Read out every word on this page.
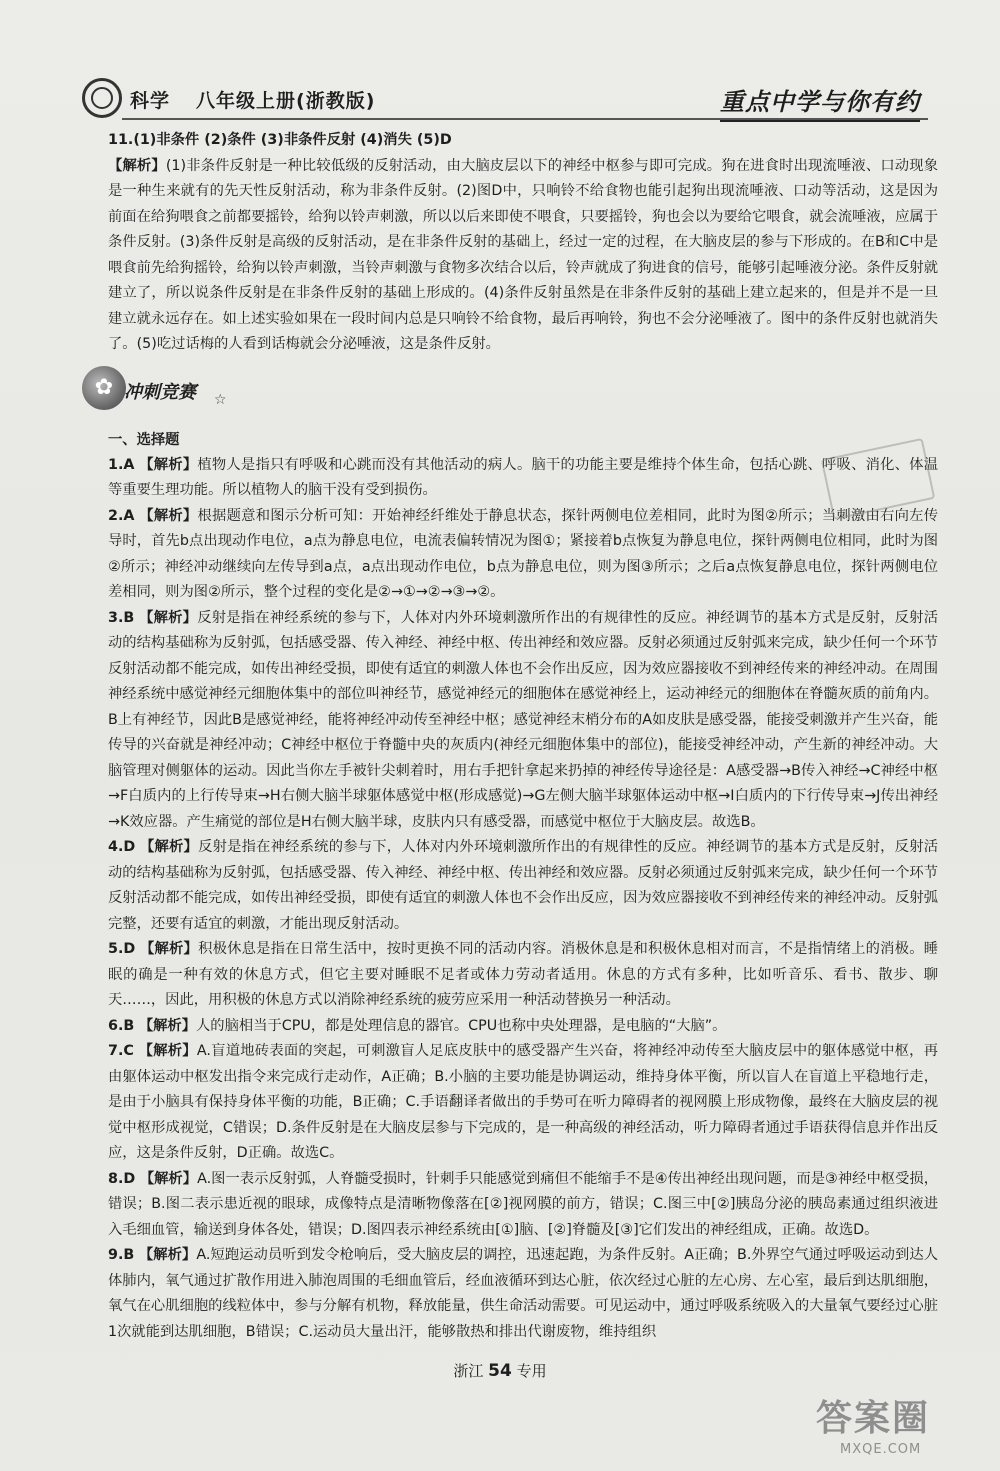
科学 八年级上册(浙教版)	重点中学与你有约

11.(1)非条件 (2)条件 (3)非条件反射 (4)消失 (5)D

【解析】(1)非条件反射是一种比较低级的反射活动，由大脑皮层以下的神经中枢参与即可完成。狗在进食时出现流唾液、口动现象是一种生来就有的先天性反射活动，称为非条件反射。(2)图D中，只响铃不给食物也能引起狗出现流唾液、口动等活动，这是因为前面在给狗喂食之前都要摇铃，给狗以铃声刺激，所以以后来即使不喂食，只要摇铃，狗也会以为要给它喂食，就会流唾液，应属于条件反射。(3)条件反射是高级的反射活动，是在非条件反射的基础上，经过一定的过程，在大脑皮层的参与下形成的。在B和C中是喂食前先给狗摇铃，给狗以铃声刺激，当铃声刺激与食物多次结合以后，铃声就成了狗进食的信号，能够引起唾液分泌。条件反射就建立了，所以说条件反射是在非条件反射的基础上形成的。(4)条件反射虽然是在非条件反射的基础上建立起来的，但是并不是一旦建立就永远存在。如上述实验如果在一段时间内总是只响铃不给食物，最后再响铃，狗也不会分泌唾液了。图中的条件反射也就消失了。(5)吃过话梅的人看到话梅就会分泌唾液，这是条件反射。

✿ 冲刺竞赛 ☆

一、选择题

1.A 【解析】植物人是指只有呼吸和心跳而没有其他活动的病人。脑干的功能主要是维持个体生命，包括心跳、呼吸、消化、体温等重要生理功能。所以植物人的脑干没有受到损伤。

2.A 【解析】根据题意和图示分析可知：开始神经纤维处于静息状态，探针两侧电位差相同，此时为图②所示；当刺激由右向左传导时，首先b点出现动作电位，a点为静息电位，电流表偏转情况为图①；紧接着b点恢复为静息电位，探针两侧电位相同，此时为图②所示；神经冲动继续向左传导到a点，a点出现动作电位，b点为静息电位，则为图③所示；之后a点恢复静息电位，探针两侧电位差相同，则为图②所示，整个过程的变化是②→①→②→③→②。

3.B 【解析】反射是指在神经系统的参与下，人体对内外环境刺激所作出的有规律性的反应。神经调节的基本方式是反射，反射活动的结构基础称为反射弧，包括感受器、传入神经、神经中枢、传出神经和效应器。反射必须通过反射弧来完成，缺少任何一个环节反射活动都不能完成，如传出神经受损，即使有适宜的刺激人体也不会作出反应，因为效应器接收不到神经传来的神经冲动。在周围神经系统中感觉神经元细胞体集中的部位叫神经节，感觉神经元的细胞体在感觉神经上，运动神经元的细胞体在脊髓灰质的前角内。B上有神经节，因此B是感觉神经，能将神经冲动传至神经中枢；感觉神经末梢分布的A如皮肤是感受器，能接受刺激并产生兴奋，能传导的兴奋就是神经冲动；C神经中枢位于脊髓中央的灰质内(神经元细胞体集中的部位)，能接受神经冲动，产生新的神经冲动。大脑管理对侧躯体的运动。因此当你左手被针尖刺着时，用右手把针拿起来扔掉的神经传导途径是：A感受器→B传入神经→C神经中枢→F白质内的上行传导束→H右侧大脑半球躯体感觉中枢(形成感觉)→G左侧大脑半球躯体运动中枢→I白质内的下行传导束→J传出神经→K效应器。产生痛觉的部位是H右侧大脑半球，皮肤内只有感受器，而感觉中枢位于大脑皮层。故选B。

4.D 【解析】反射是指在神经系统的参与下，人体对内外环境刺激所作出的有规律性的反应。神经调节的基本方式是反射，反射活动的结构基础称为反射弧，包括感受器、传入神经、神经中枢、传出神经和效应器。反射必须通过反射弧来完成，缺少任何一个环节反射活动都不能完成，如传出神经受损，即使有适宜的刺激人体也不会作出反应，因为效应器接收不到神经传来的神经冲动。反射弧完整，还要有适宜的刺激，才能出现反射活动。

5.D 【解析】积极休息是指在日常生活中，按时更换不同的活动内容。消极休息是和积极休息相对而言，不是指情绪上的消极。睡眠的确是一种有效的休息方式，但它主要对睡眠不足者或体力劳动者适用。休息的方式有多种，比如听音乐、看书、散步、聊天……，因此，用积极的休息方式以消除神经系统的疲劳应采用一种活动替换另一种活动。

6.B 【解析】人的脑相当于CPU，都是处理信息的器官。CPU也称中央处理器，是电脑的“大脑”。

7.C 【解析】A.盲道地砖表面的突起，可刺激盲人足底皮肤中的感受器产生兴奋，将神经冲动传至大脑皮层中的躯体感觉中枢，再由躯体运动中枢发出指令来完成行走动作，A正确；B.小脑的主要功能是协调运动，维持身体平衡，所以盲人在盲道上平稳地行走，是由于小脑具有保持身体平衡的功能，B正确；C.手语翻译者做出的手势可在听力障碍者的视网膜上形成物像，最终在大脑皮层的视觉中枢形成视觉，C错误；D.条件反射是在大脑皮层参与下完成的，是一种高级的神经活动，听力障碍者通过手语获得信息并作出反应，这是条件反射，D正确。故选C。

8.D 【解析】A.图一表示反射弧，人脊髓受损时，针刺手只能感觉到痛但不能缩手不是④传出神经出现问题，而是③神经中枢受损，错误；B.图二表示患近视的眼球，成像特点是清晰物像落在[②]视网膜的前方，错误；C.图三中[②]胰岛分泌的胰岛素通过组织液进入毛细血管，输送到身体各处，错误；D.图四表示神经系统由[①]脑、[②]脊髓及[③]它们发出的神经组成，正确。故选D。

9.B 【解析】A.短跑运动员听到发令枪响后，受大脑皮层的调控，迅速起跑，为条件反射。A正确；B.外界空气通过呼吸运动到达人体肺内，氧气通过扩散作用进入肺泡周围的毛细血管后，经血液循环到达心脏，依次经过心脏的左心房、左心室，最后到达肌细胞，氧气在心肌细胞的线粒体中，参与分解有机物，释放能量，供生命活动需要。可见运动中，通过呼吸系统吸入的大量氧气要经过心脏1次就能到达肌细胞，B错误；C.运动员大量出汗，能够散热和排出代谢废物，维持组织

浙江 54 专用
答案圈
MXQE.COM
